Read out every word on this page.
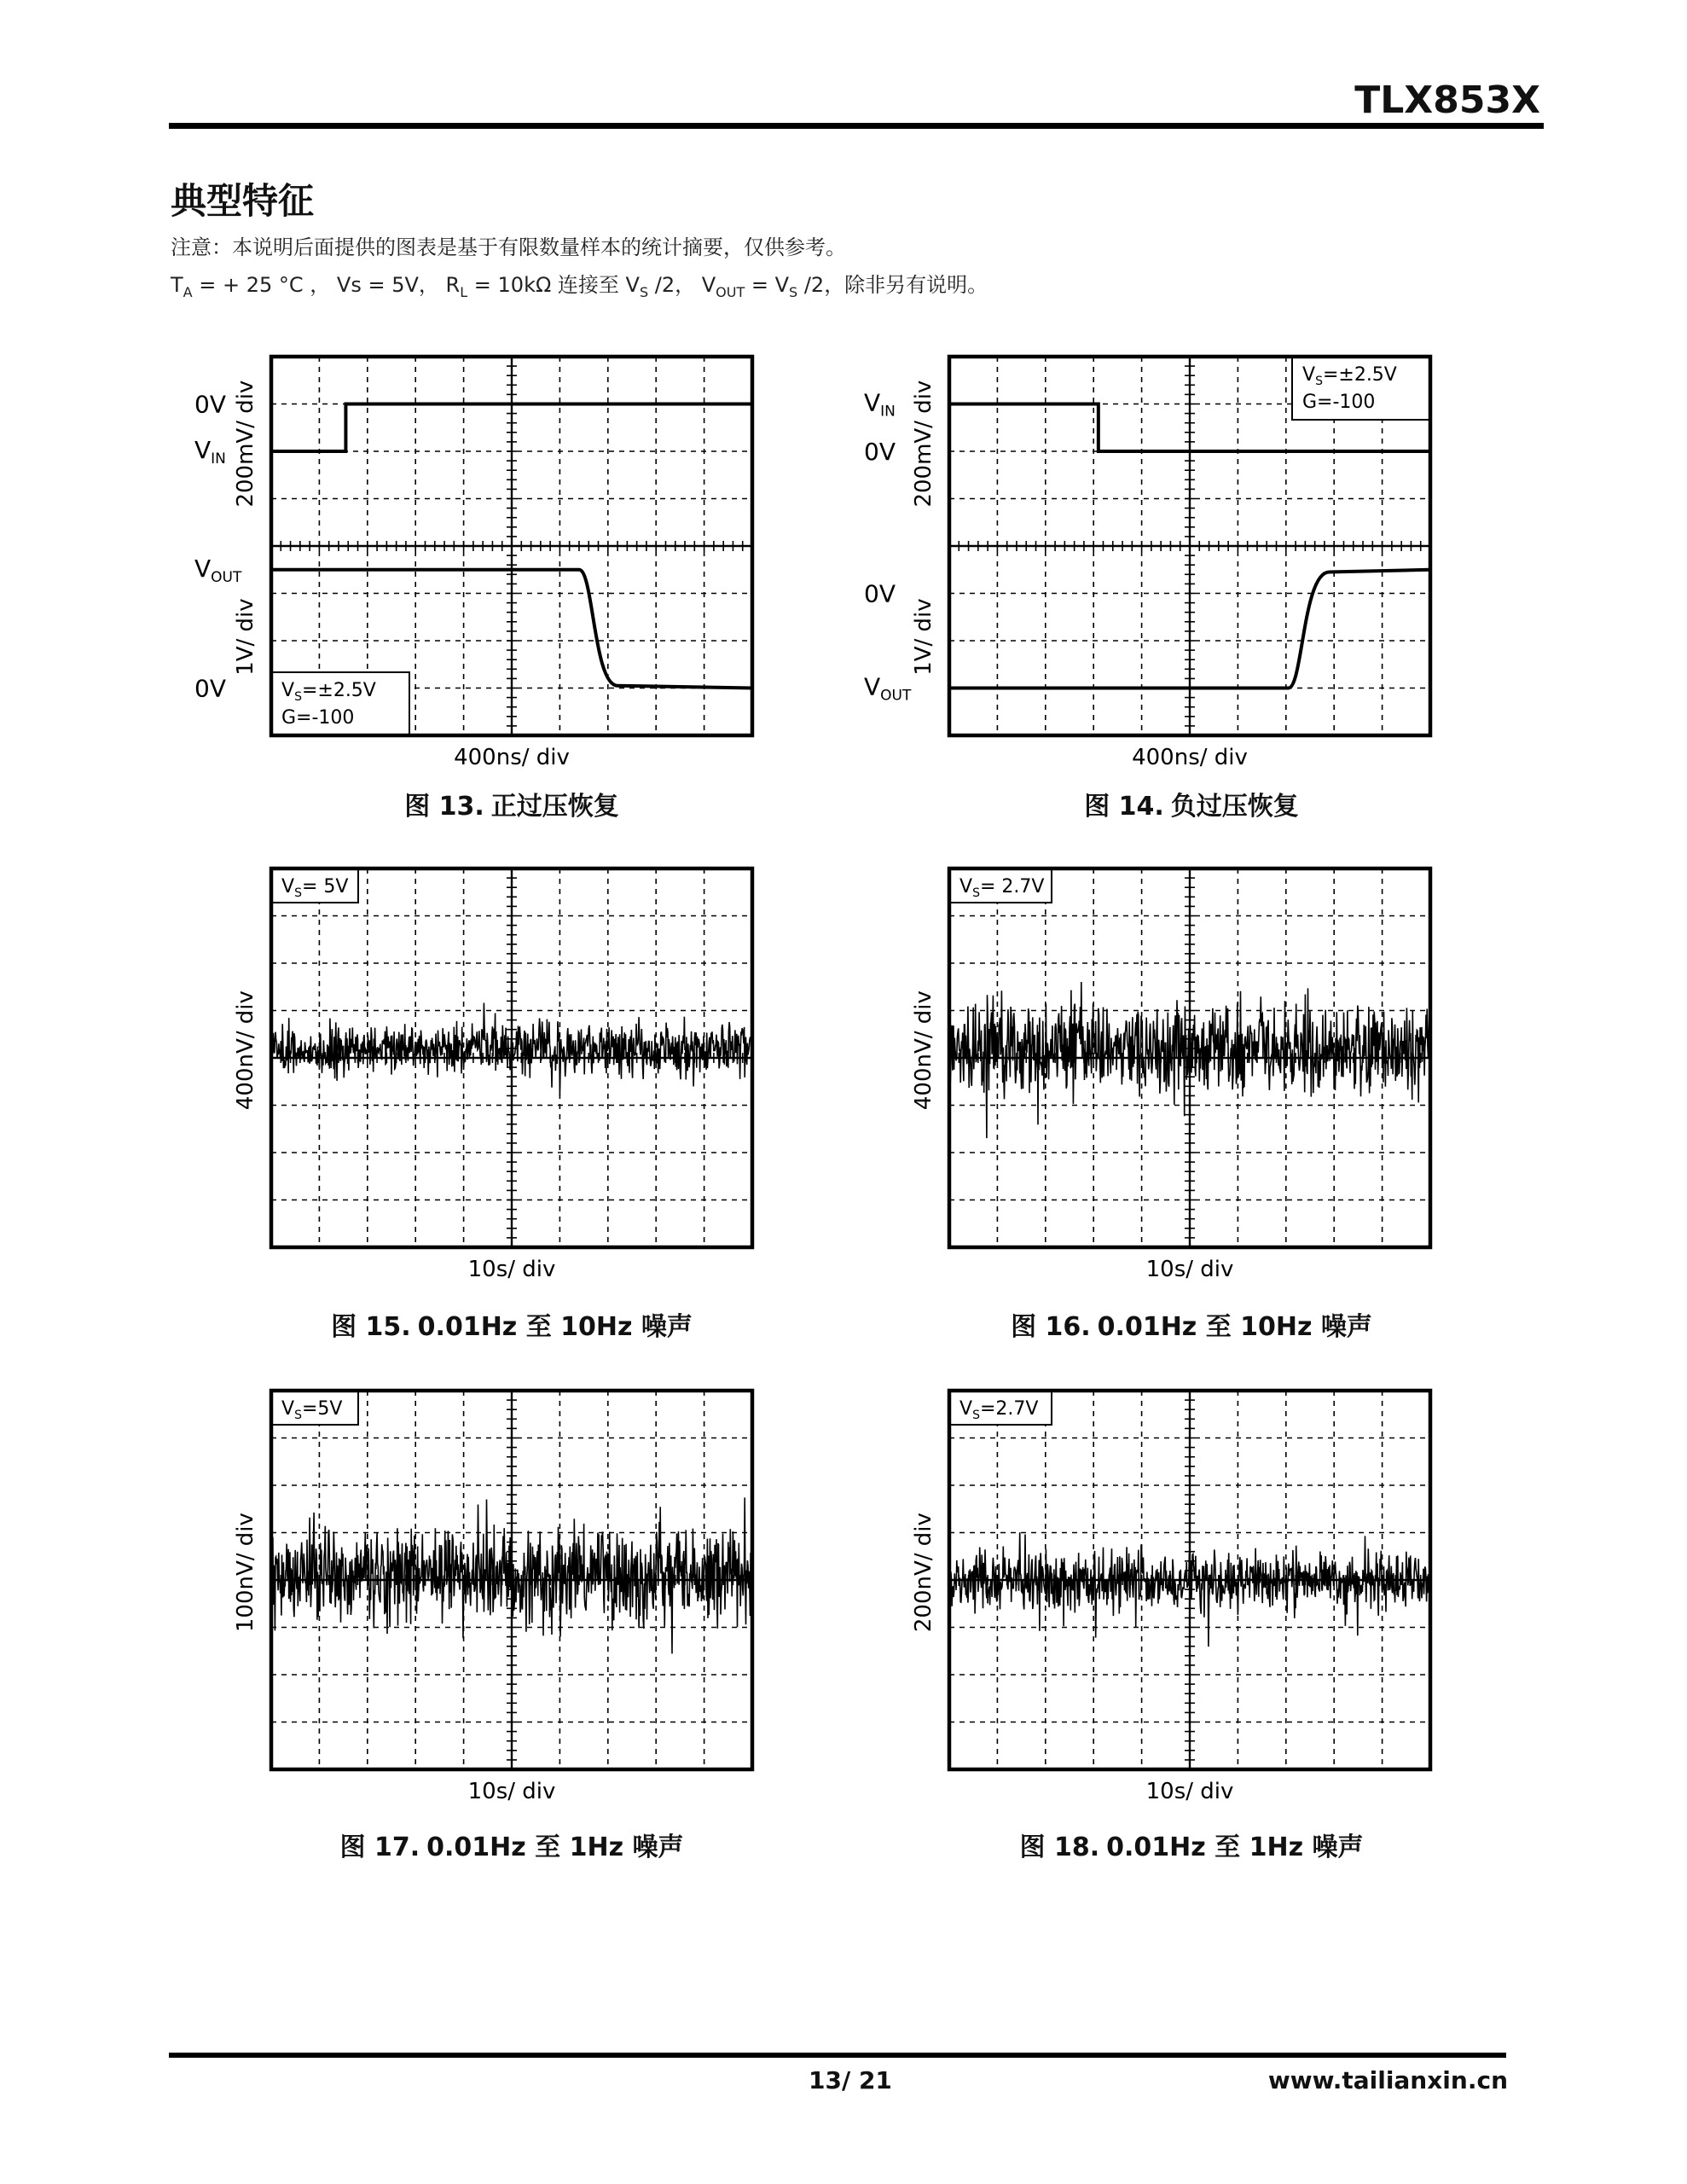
TLX853X
典型特征
注意：本说明后面提供的图表是基于有限数量样本的统计摘要，仅供参考。
$T_A$ = + 25 °C ， Vs = 5V， $R_L = 10k\Omega$ 连接至 $V_S$ /2， $V_{OUT} = V_S$ /2，除非另有说明。
0V
$V_{IN}$
$V_{OUT}$
0V
200mV/ div
1V/ div
$V_S=\pm 2.5V$
G=-100
400ns/ div
$V_{IN}$
0V
0V
$V_{OUT}$
200mV/ div
1V/ div
$V_S=\pm 2.5V$
G=-100
400ns/ div
400nV/ div
$V_S= 5V$
10s/ div
400nV/ div
$V_S= 2.7V$
10s/ div
100nV/ div
$V_S=5V$
10s/ div
200nV/ div
$V_S=2.7V$
10s/ div
图 13. 正过压恢复	图 14. 负过压恢复
图 15. 0.01Hz 至 10Hz 噪声	图 16. 0.01Hz 至 10Hz 噪声
图 17. 0.01Hz 至 1Hz 噪声	图 18. 0.01Hz 至 1Hz 噪声
13/ 21	www.tailianxin.cn
